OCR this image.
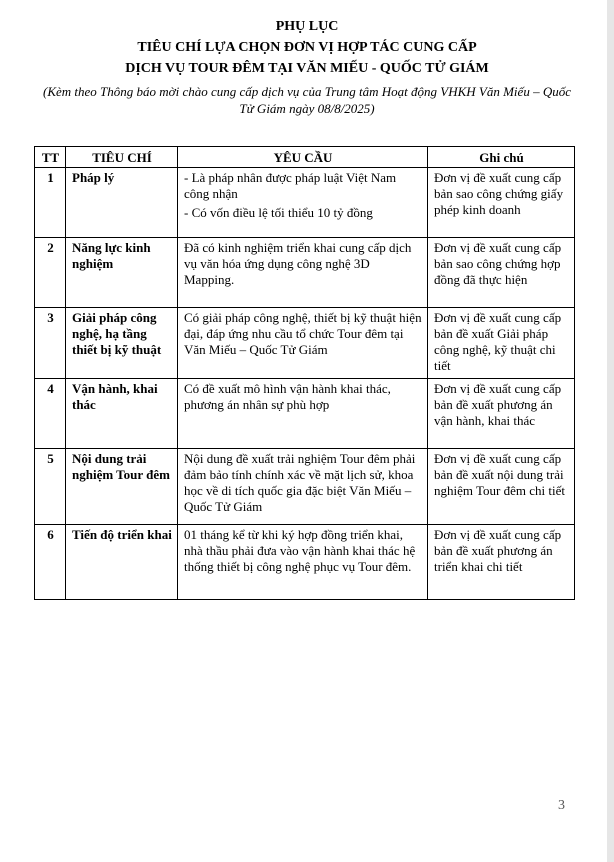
PHỤ LỤC
TIÊU CHÍ LỰA CHỌN ĐƠN VỊ HỢP TÁC CUNG CẤP
DỊCH VỤ TOUR ĐÊM TẠI VĂN MIẾU - QUỐC TỬ GIÁM
(Kèm theo Thông báo mời chào cung cấp dịch vụ của Trung tâm Hoạt động VHKH Văn Miếu – Quốc Tử Giám ngày 08/8/2025)
TT	TIÊU CHÍ	YÊU CẦU	Ghi chú
1	Pháp lý	- Là pháp nhân được pháp luật Việt Nam công nhận

- Có vốn điều lệ tối thiểu 10 tỷ đồng	Đơn vị đề xuất cung cấp bản sao công chứng giấy phép kinh doanh
2	Năng lực kinh nghiệm	Đã có kinh nghiệm triển khai cung cấp dịch vụ văn hóa ứng dụng công nghệ 3D Mapping.	Đơn vị đề xuất cung cấp bản sao công chứng hợp đồng đã thực hiện
3	Giải pháp công nghệ, hạ tầng thiết bị kỹ thuật	Có giải pháp công nghệ, thiết bị kỹ thuật hiện đại, đáp ứng nhu cầu tổ chức Tour đêm tại Văn Miếu – Quốc Tử Giám	Đơn vị đề xuất cung cấp bản đề xuất Giải pháp công nghệ, kỹ thuật chi tiết
4	Vận hành, khai thác	Có đề xuất mô hình vận hành khai thác, phương án nhân sự phù hợp	Đơn vị đề xuất cung cấp bản đề xuất phương án vận hành, khai thác
5	Nội dung trải nghiệm Tour đêm	Nội dung đề xuất trải nghiệm Tour đêm phải đảm bảo tính chính xác về mặt lịch sử, khoa học về di tích quốc gia đặc biệt Văn Miếu – Quốc Tử Giám	Đơn vị đề xuất cung cấp bản đề xuất nội dung trải nghiệm Tour đêm chi tiết
6	Tiến độ triển khai	01 tháng kể từ khi ký hợp đồng triển khai, nhà thầu phải đưa vào vận hành khai thác hệ thống thiết bị công nghệ phục vụ Tour đêm.	Đơn vị đề xuất cung cấp bản đề xuất phương án triển khai chi tiết
3
